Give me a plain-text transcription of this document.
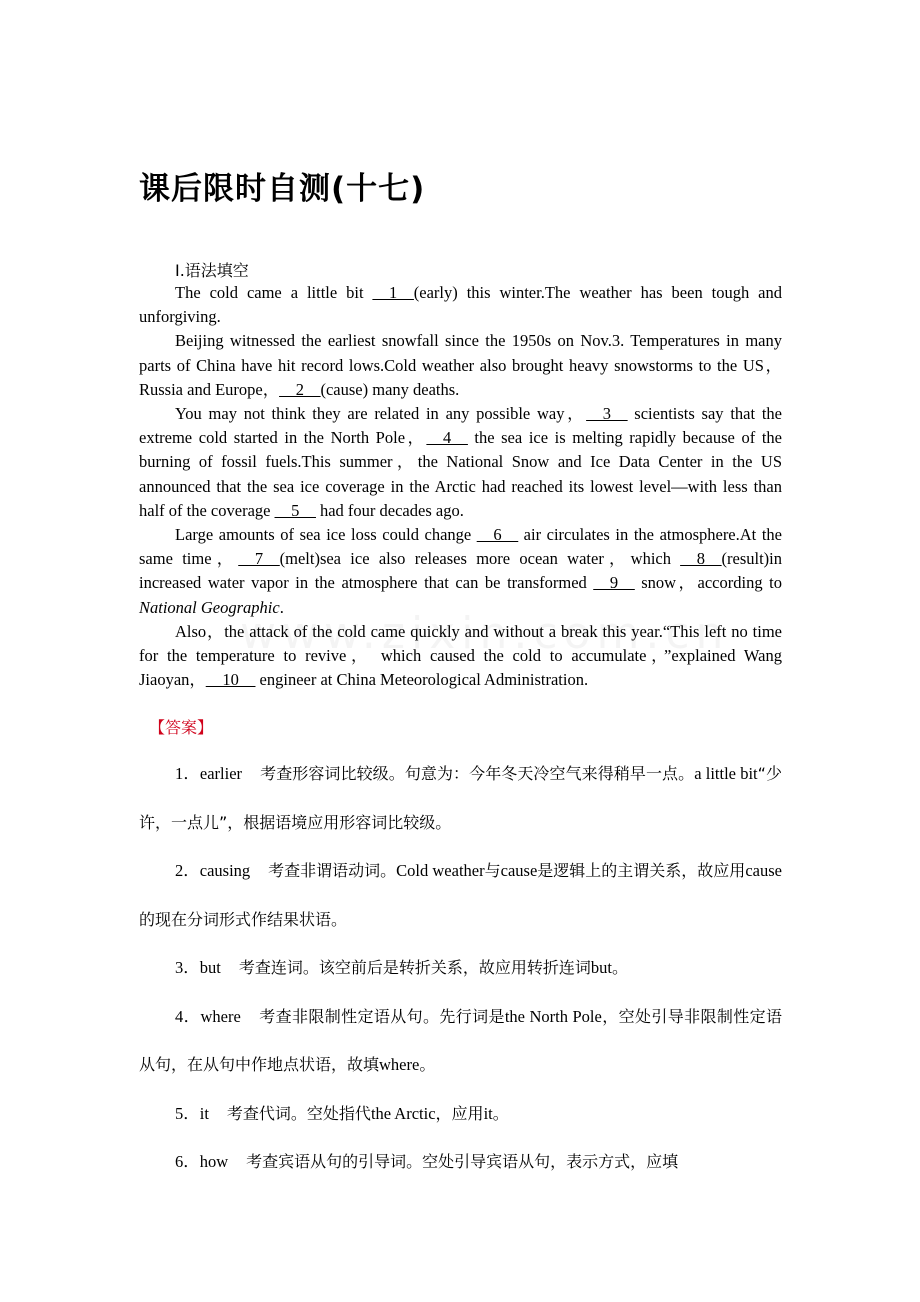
课后限时自测(十七)
I.语法填空

The cold came a little bit __1__(early) this winter.The weather has been tough and unforgiving.

Beijing witnessed the earliest snowfall since the 1950s on Nov.3. Temperatures in many parts of China have hit record lows.Cold weather also brought heavy snowstorms to the US，Russia and Europe，__2__(cause) many deaths.

You may not think they are related in any possible way，__3__ scientists say that the extreme cold started in the North Pole，__4__ the sea ice is melting rapidly because of the burning of fossil fuels.This summer，the National Snow and Ice Data Center in the US announced that the sea ice coverage in the Arctic had reached its lowest level—with less than half of the coverage __5__ had four decades ago.

Large amounts of sea ice loss could change __6__ air circulates in the atmosphere.At the same time，__7__(melt)sea ice also releases more ocean water，which __8__(result)in increased water vapor in the atmosphere that can be transformed __9__ snow，according to National Geographic.

Also，the attack of the cold came quickly and without a break this year.“This left no time for the temperature to revive， which caused the cold to accumulate，”explained Wang Jiaoyan，__10__ engineer at China Meteorological Administration.

【答案】

1．earlier 考查形容词比较级。句意为：今年冬天冷空气来得稍早一点。a little bit“少许，一点儿”，根据语境应用形容词比较级。

2．causing 考查非谓语动词。Cold weather与cause是逻辑上的主谓关系，故应用cause的现在分词形式作结果状语。

3．but 考查连词。该空前后是转折关系，故应用转折连词but。

4．where 考查非限制性定语从句。先行词是the North Pole，空处引导非限制性定语从句，在从句中作地点状语，故填where。

5．it 考查代词。空处指代the Arctic，应用it。

6．how 考查宾语从句的引导词。空处引导宾语从句，表示方式，应填
